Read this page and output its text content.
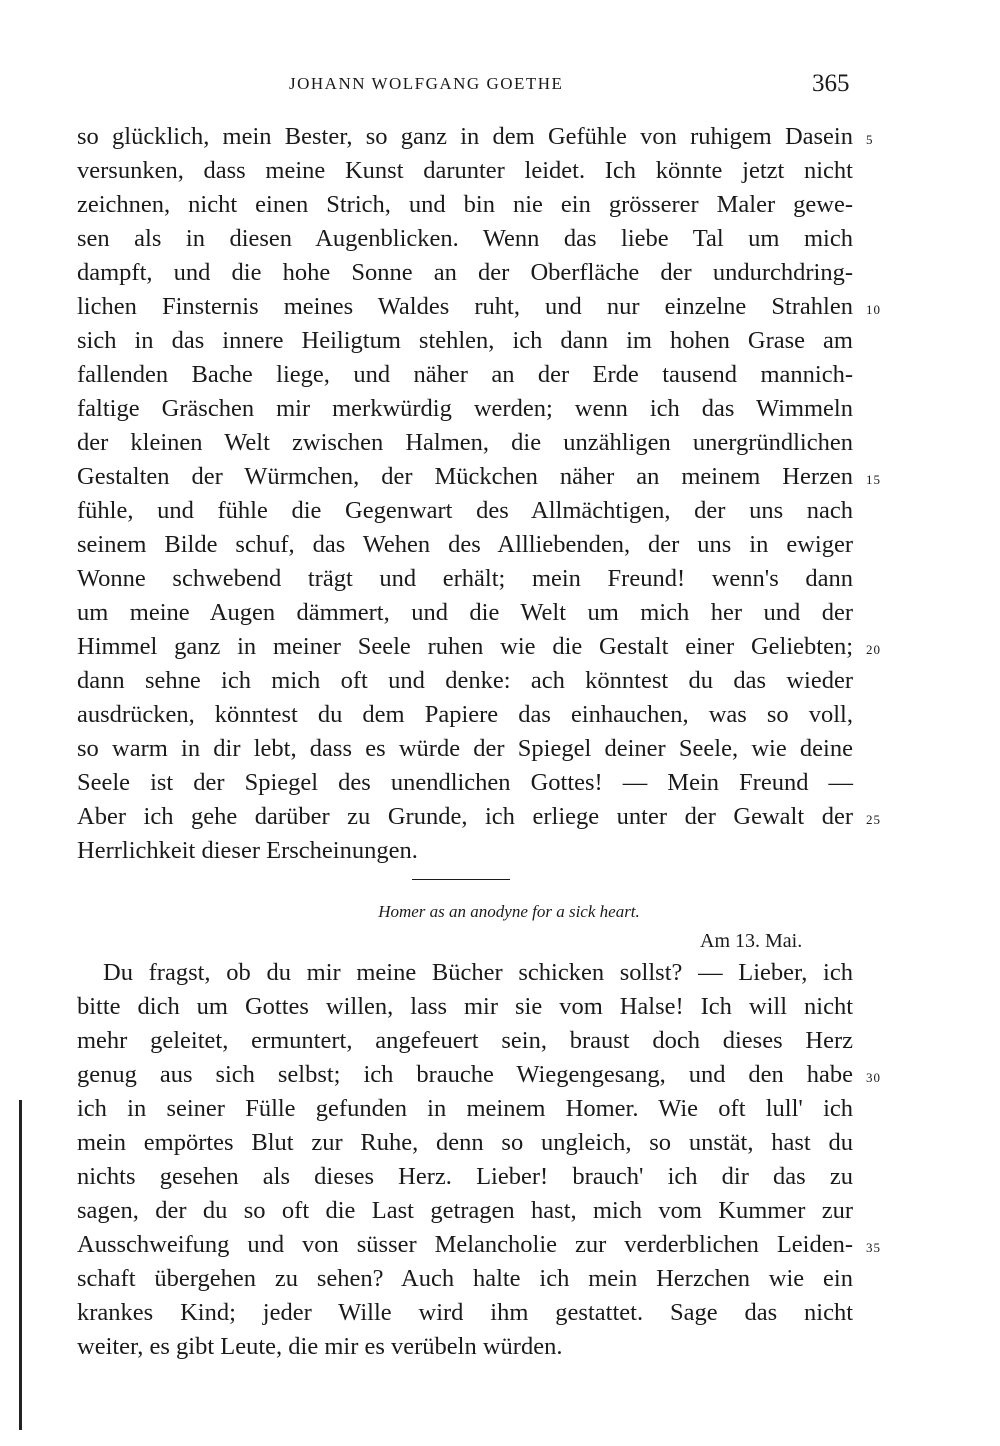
JOHANN WOLFGANG GOETHE	365
so glücklich, mein Bester, so ganz in dem Gefühle von ruhigem Dasein
versunken, dass meine Kunst darunter leidet. Ich könnte jetzt nicht
zeichnen, nicht einen Strich, und bin nie ein grösserer Maler gewe-
sen als in diesen Augenblicken. Wenn das liebe Tal um mich
dampft, und die hohe Sonne an der Oberfläche der undurchdring-
lichen Finsternis meines Waldes ruht, und nur einzelne Strahlen
sich in das innere Heiligtum stehlen, ich dann im hohen Grase am
fallenden Bache liege, und näher an der Erde tausend mannich-
faltige Gräschen mir merkwürdig werden; wenn ich das Wimmeln
der kleinen Welt zwischen Halmen, die unzähligen unergründlichen
Gestalten der Würmchen, der Mückchen näher an meinem Herzen
fühle, und fühle die Gegenwart des Allmächtigen, der uns nach
seinem Bilde schuf, das Wehen des Allliebenden, der uns in ewiger
Wonne schwebend trägt und erhält; mein Freund! wenn's dann
um meine Augen dämmert, und die Welt um mich her und der
Himmel ganz in meiner Seele ruhen wie die Gestalt einer Geliebten;
dann sehne ich mich oft und denke: ach könntest du das wieder
ausdrücken, könntest du dem Papiere das einhauchen, was so voll,
so warm in dir lebt, dass es würde der Spiegel deiner Seele, wie deine
Seele ist der Spiegel des unendlichen Gottes! — Mein Freund —
Aber ich gehe darüber zu Grunde, ich erliege unter der Gewalt der
Herrlichkeit dieser Erscheinungen.
5
10
15
20
25
Homer as an anodyne for a sick heart.
Am 13. Mai.
Du fragst, ob du mir meine Bücher schicken sollst? — Lieber, ich
bitte dich um Gottes willen, lass mir sie vom Halse! Ich will nicht
mehr geleitet, ermuntert, angefeuert sein, braust doch dieses Herz
genug aus sich selbst; ich brauche Wiegengesang, und den habe
ich in seiner Fülle gefunden in meinem Homer. Wie oft lull' ich
mein empörtes Blut zur Ruhe, denn so ungleich, so unstät, hast du
nichts gesehen als dieses Herz. Lieber! brauch' ich dir das zu
sagen, der du so oft die Last getragen hast, mich vom Kummer zur
Ausschweifung und von süsser Melancholie zur verderblichen Leiden-
schaft übergehen zu sehen? Auch halte ich mein Herzchen wie ein
krankes Kind; jeder Wille wird ihm gestattet. Sage das nicht
weiter, es gibt Leute, die mir es verübeln würden.
30
35
